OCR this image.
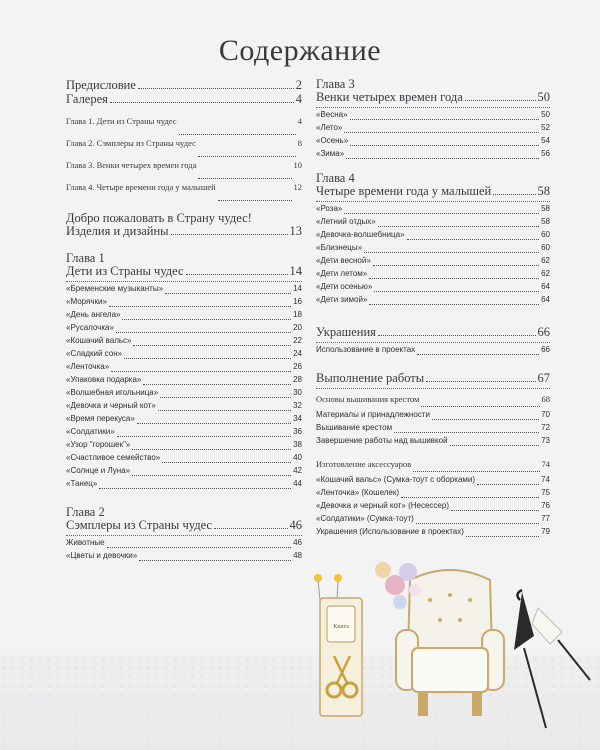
Содержание
Предисловие	2
Галерея	4
Глава 1. Дети из Страны чудес	4
Глава 2. Сэмплеры из Страны чудес	8
Глава 3. Венки четырех времен года	10
Глава 4. Четыре времени года у малышей	12
Добро пожаловать в Страну чудес!
Изделия и дизайны	13
Глава 1
Дети из Страны чудес	14
«Бременские музыканты»	14
«Морячки»	16
«День ангела»	18
«Русалочка»	20
«Кошачий вальс»	22
«Сладкий сон»	24
«Ленточка»	26
«Упаковка подарка»	28
«Волшебная игольница»	30
«Девочка и черный кот»	32
«Время перекуса»	34
«Солдатики»	36
«Узор "горошек"»	38
«Счастливое семейство»	40
«Солнце и Луна»	42
«Танец»	44
Глава 2
Сэмплеры из Страны чудес	46
Животные	46
«Цветы и девочки»	48
Глава 3
Венки четырех времен года	50
«Весна»	50
«Лето»	52
«Осень»	54
«Зима»	56
Глава 4
Четыре времени года у малышей	58
«Роза»	58
«Летний отдых»	58
«Девочка-волшебница»	60
«Близнецы»	60
«Дети весной»	62
«Дети летом»	62
«Дети осенью»	64
«Дети зимой»	64
Украшения	66
Использование в проектах	66
Выполнение работы	67
Основы вышивания крестом	68
Материалы и принадлежности	70
Вышивание крестом	72
Завершение работы над вышивкой	73
Изготовление аксессуаров	74
«Кошачий вальс» (Сумка-тоут с оборками)	74
«Ленточка» (Кошелек)	75
«Девочка и черный кот» (Несессер)	76
«Солдатики» (Сумка-тоут)	77
Украшения (Использование в проектах)	79
Книга
